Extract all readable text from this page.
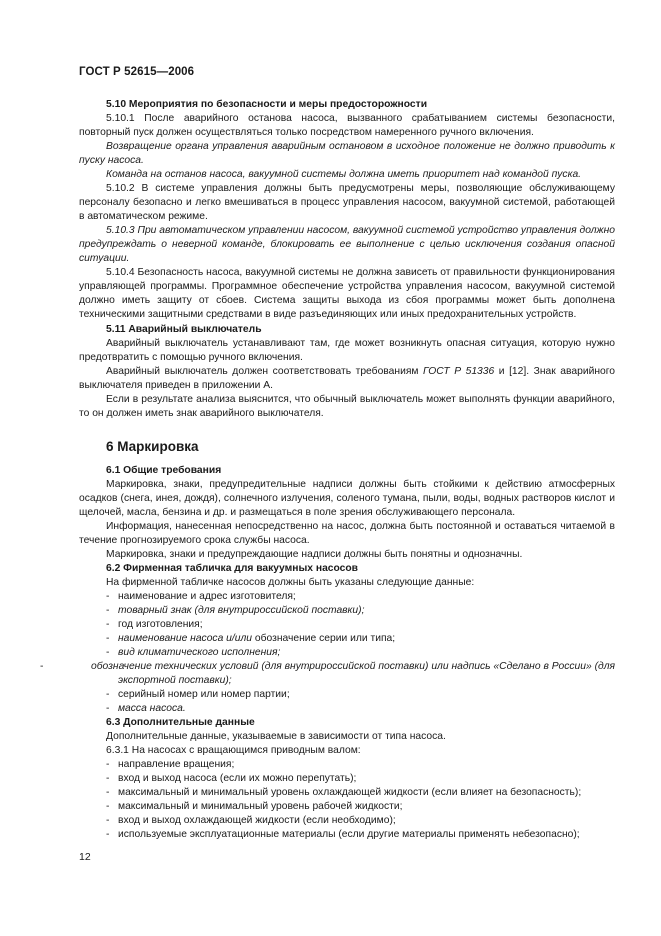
ГОСТ Р 52615—2006

5.10 Мероприятия по безопасности и меры предосторожности

5.10.1 После аварийного останова насоса, вызванного срабатыванием системы безопасности, повторный пуск должен осуществляться только посредством намеренного ручного включения.

Возвращение органа управления аварийным остановом в исходное положение не должно приводить к пуску насоса.

Команда на останов насоса, вакуумной системы должна иметь приоритет над командой пуска.

5.10.2 В системе управления должны быть предусмотрены меры, позволяющие обслуживающему персоналу безопасно и легко вмешиваться в процесс управления насосом, вакуумной системой, работающей в автоматическом режиме.

5.10.3 При автоматическом управлении насосом, вакуумной системой устройство управления должно предупреждать о неверной команде, блокировать ее выполнение с целью исключения создания опасной ситуации.

5.10.4 Безопасность насоса, вакуумной системы не должна зависеть от правильности функционирования управляющей программы. Программное обеспечение устройства управления насосом, вакуумной системой должно иметь защиту от сбоев. Система защиты выхода из сбоя программы может быть дополнена техническими защитными средствами в виде разъединяющих или иных предохранительных устройств.

5.11 Аварийный выключатель

Аварийный выключатель устанавливают там, где может возникнуть опасная ситуация, которую нужно предотвратить с помощью ручного включения.

Аварийный выключатель должен соответствовать требованиям ГОСТ Р 51336 и [12]. Знак аварийного выключателя приведен в приложении А.

Если в результате анализа выяснится, что обычный выключатель может выполнять функции аварийного, то он должен иметь знак аварийного выключателя.

6 Маркировка

6.1 Общие требования

Маркировка, знаки, предупредительные надписи должны быть стойкими к действию атмосферных осадков (снега, инея, дождя), солнечного излучения, соленого тумана, пыли, воды, водных растворов кислот и щелочей, масла, бензина и др. и размещаться в поле зрения обслуживающего персонала.

Информация, нанесенная непосредственно на насос, должна быть постоянной и оставаться читаемой в течение прогнозируемого срока службы насоса.

Маркировка, знаки и предупреждающие надписи должны быть понятны и однозначны.

6.2 Фирменная табличка для вакуумных насосов

На фирменной табличке насосов должны быть указаны следующие данные:

- наименование и адрес изготовителя;
- товарный знак (для внутрироссийской поставки);
- год изготовления;
- наименование насоса и/или обозначение серии или типа;
- вид климатического исполнения;
-	обозначение технических условий (для внутрироссийской поставки) или надпись «Сделано в России» (для экспортной поставки);
- серийный номер или номер партии;
- масса насоса.

6.3 Дополнительные данные

Дополнительные данные, указываемые в зависимости от типа насоса.

6.3.1 На насосах с вращающимся приводным валом:

- направление вращения;
- вход и выход насоса (если их можно перепутать);
- максимальный и минимальный уровень охлаждающей жидкости (если влияет на безопасность);
- максимальный и минимальный уровень рабочей жидкости;
- вход и выход охлаждающей жидкости (если необходимо);
- используемые эксплуатационные материалы (если другие материалы применять небезопасно);
12
